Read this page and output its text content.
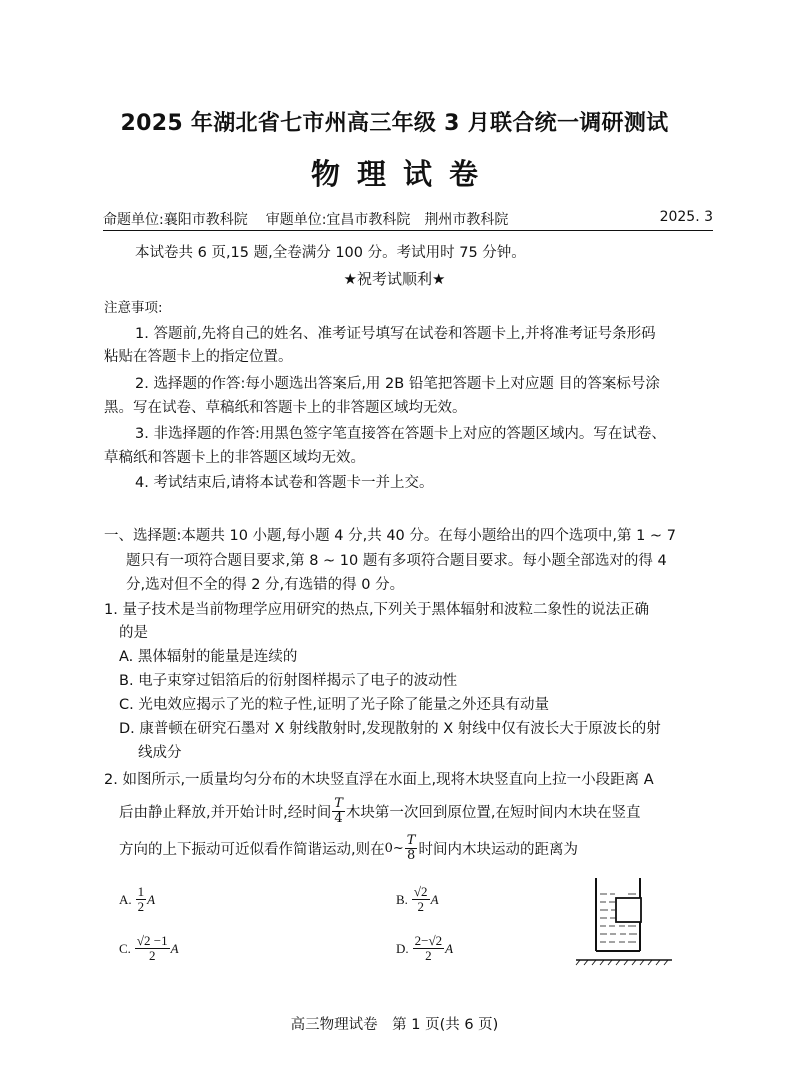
2025 年湖北省七市州高三年级 3 月联合统一调研测试
物理试卷
命题单位:襄阳市教科院 审题单位:宜昌市教科院　荆州市教科院	2025. 3
本试卷共 6 页,15 题,全卷满分 100 分。考试用时 75 分钟。
★祝考试顺利★
注意事项:
1. 答题前,先将自己的姓名、准考证号填写在试卷和答题卡上,并将准考证号条形码
粘贴在答题卡上的指定位置。
2. 选择题的作答:每小题选出答案后,用 2B 铅笔把答题卡上对应题 目的答案标号涂
黑。写在试卷、草稿纸和答题卡上的非答题区域均无效。
3. 非选择题的作答:用黑色签字笔直接答在答题卡上对应的答题区域内。写在试卷、
草稿纸和答题卡上的非答题区域均无效。
4. 考试结束后,请将本试卷和答题卡一并上交。
一、选择题:本题共 10 小题,每小题 4 分,共 40 分。在每小题给出的四个选项中,第 1 ~ 7
题只有一项符合题目要求,第 8 ~ 10 题有多项符合题目要求。每小题全部选对的得 4
分,选对但不全的得 2 分,有选错的得 0 分。
1. 量子技术是当前物理学应用研究的热点,下列关于黑体辐射和波粒二象性的说法正确
的是
A. 黑体辐射的能量是连续的
B. 电子束穿过铝箔后的衍射图样揭示了电子的波动性
C. 光电效应揭示了光的粒子性,证明了光子除了能量之外还具有动量
D. 康普顿在研究石墨对 X 射线散射时,发现散射的 X 射线中仅有波长大于原波长的射
线成分
2. 如图所示,一质量均匀分布的木块竖直浮在水面上,现将木块竖直向上拉一小段距离 A
后由静止释放,并开始计时,经时间 $\frac{T}{4}$ 木块第一次回到原位置,在短时间内木块在竖直
方向的上下振动可近似看作简谐运动,则在 0~ $\frac{T}{8}$ 时间内木块运动的距离为
A. $\frac{1}{2}$ A	B. $\frac{√2}{2}$ A
C. $\frac{√2 -1}{2}$ A	D. $\frac{2-√2}{2}$ A
高三物理试卷　第 1 页(共 6 页)
